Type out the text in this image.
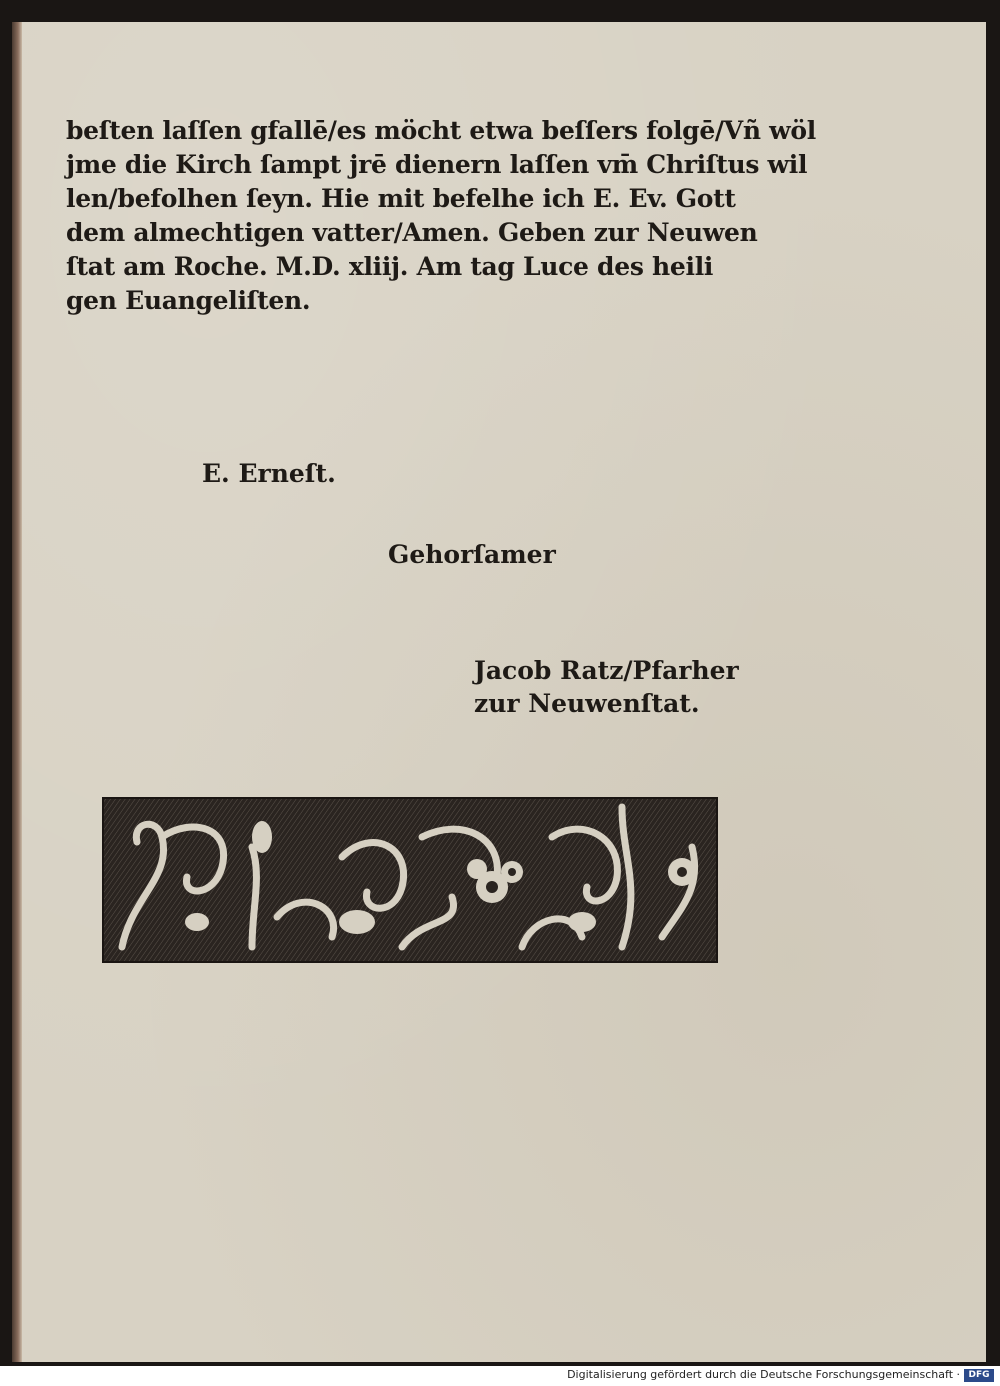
beſten laſſen gfallē/es möcht etwa beſſers folgē/Vñ wöl
jme die Kirch ſampt jrē dienern laſſen vm̄ Chriſtus wil
len/befolhen ſeyn. Hie mit befelhe ich E. Ev. Gott
dem almechtigen vatter/Amen. Geben zur Neuwen
ſtat am Roche. M.D. xliij. Am tag Luce des heili
gen Euangeliſten.
E. Erneſt.
Gehorſamer
Jacob Ratz/Pfarher
zur Neuwenſtat.
Digitalisierung gefördert durch die Deutsche Forschungsgemeinschaft · DFG
